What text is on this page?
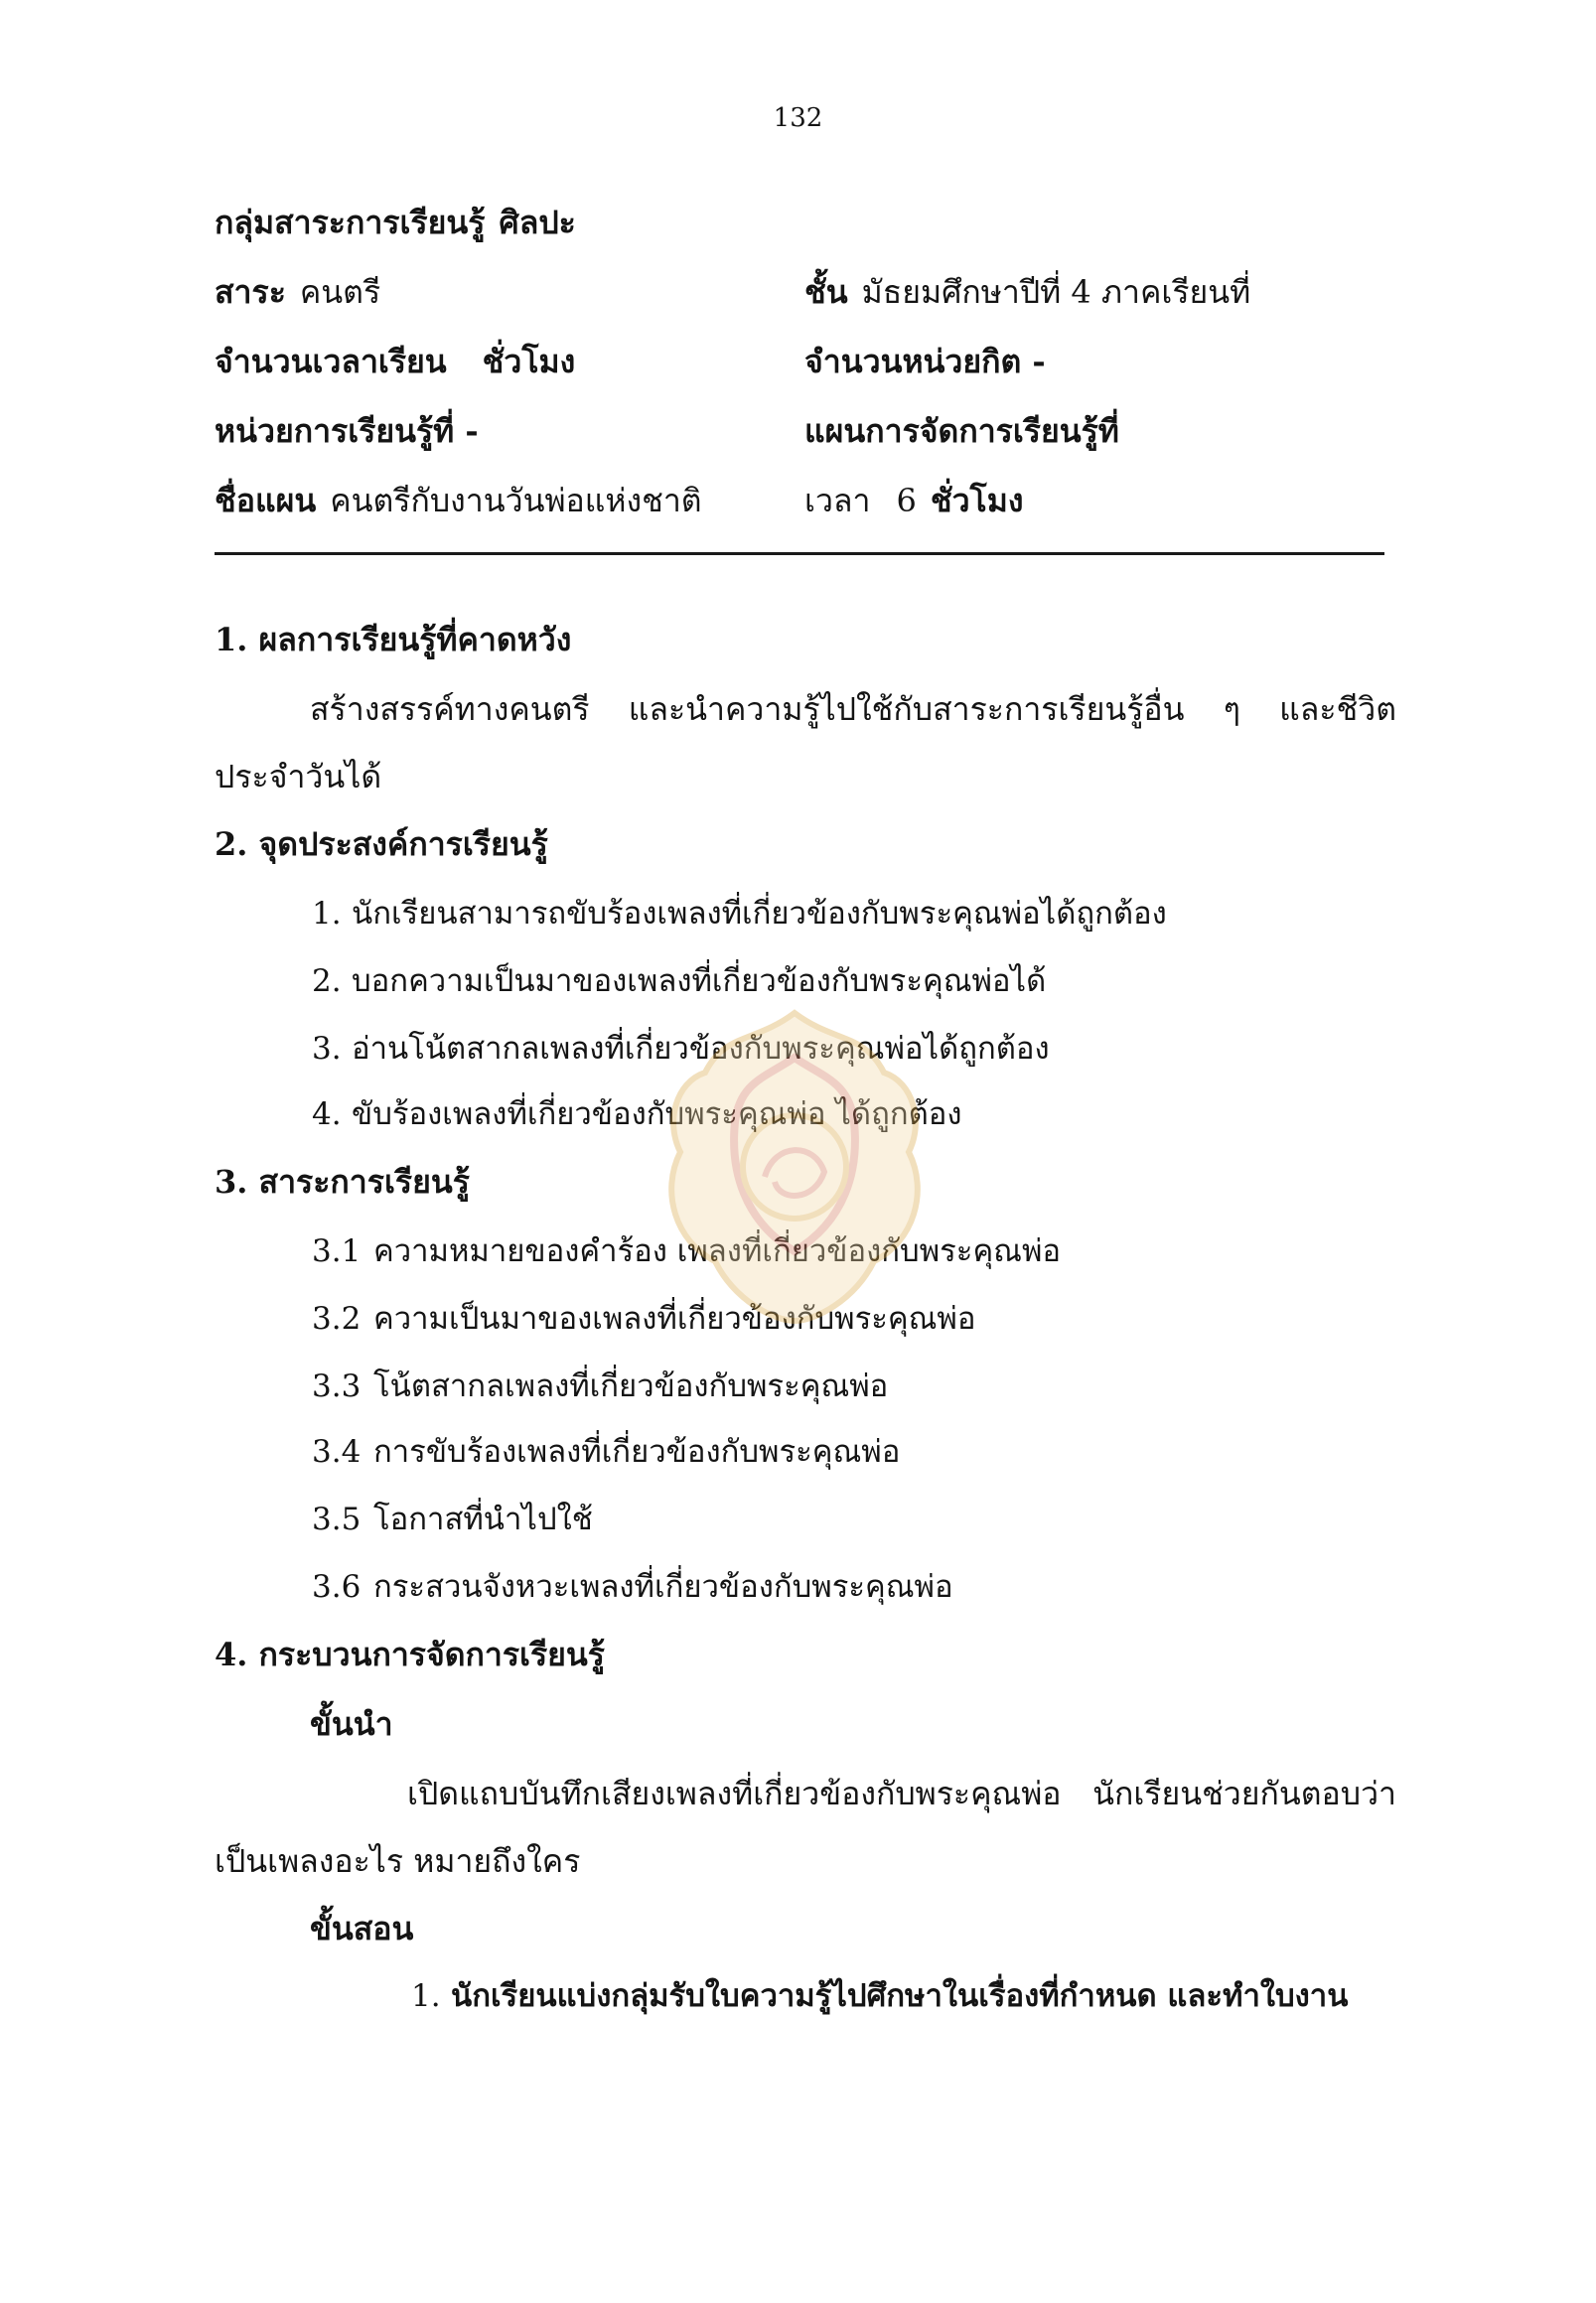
132
กลุ่มสาระการเรียนรู้ ศิลปะ
สาระ คนตรี	ชั้น มัธยมศึกษาปีที่ 4 ภาคเรียนที่
จำนวนเวลาเรียน ชั่วโมง	จำนวนหน่วยกิต -
หน่วยการเรียนรู้ที่ -	แผนการจัดการเรียนรู้ที่
ชื่อแผน คนตรีกับงานวันพ่อแห่งชาติ	เวลา 6 ชั่วโมง
1. ผลการเรียนรู้ที่คาดหวัง
สร้างสรรค์ทางคนตรี และนำความรู้ไปใช้กับสาระการเรียนรู้อื่น ๆ และชีวิต
ประจำวันได้
2. จุดประสงค์การเรียนรู้
1. นักเรียนสามารถขับร้องเพลงที่เกี่ยวข้องกับพระคุณพ่อได้ถูกต้อง
2. บอกความเป็นมาของเพลงที่เกี่ยวข้องกับพระคุณพ่อได้
3. อ่านโน้ตสากลเพลงที่เกี่ยวข้องกับพระคุณพ่อได้ถูกต้อง
4. ขับร้องเพลงที่เกี่ยวข้องกับพระคุณพ่อ ได้ถูกต้อง
3. สาระการเรียนรู้
3.1 ความหมายของคำร้อง เพลงที่เกี่ยวข้องกับพระคุณพ่อ
3.2 ความเป็นมาของเพลงที่เกี่ยวข้องกับพระคุณพ่อ
3.3 โน้ตสากลเพลงที่เกี่ยวข้องกับพระคุณพ่อ
3.4 การขับร้องเพลงที่เกี่ยวข้องกับพระคุณพ่อ
3.5 โอกาสที่นำไปใช้
3.6 กระสวนจังหวะเพลงที่เกี่ยวข้องกับพระคุณพ่อ
4. กระบวนการจัดการเรียนรู้
ขั้นนำ
เปิดแถบบันทึกเสียงเพลงที่เกี่ยวข้องกับพระคุณพ่อ นักเรียนช่วยกันตอบว่า
เป็นเพลงอะไร หมายถึงใคร
ขั้นสอน
1. นักเรียนแบ่งกลุ่มรับใบความรู้ไปศึกษาในเรื่องที่กำหนด และทำใบงาน
